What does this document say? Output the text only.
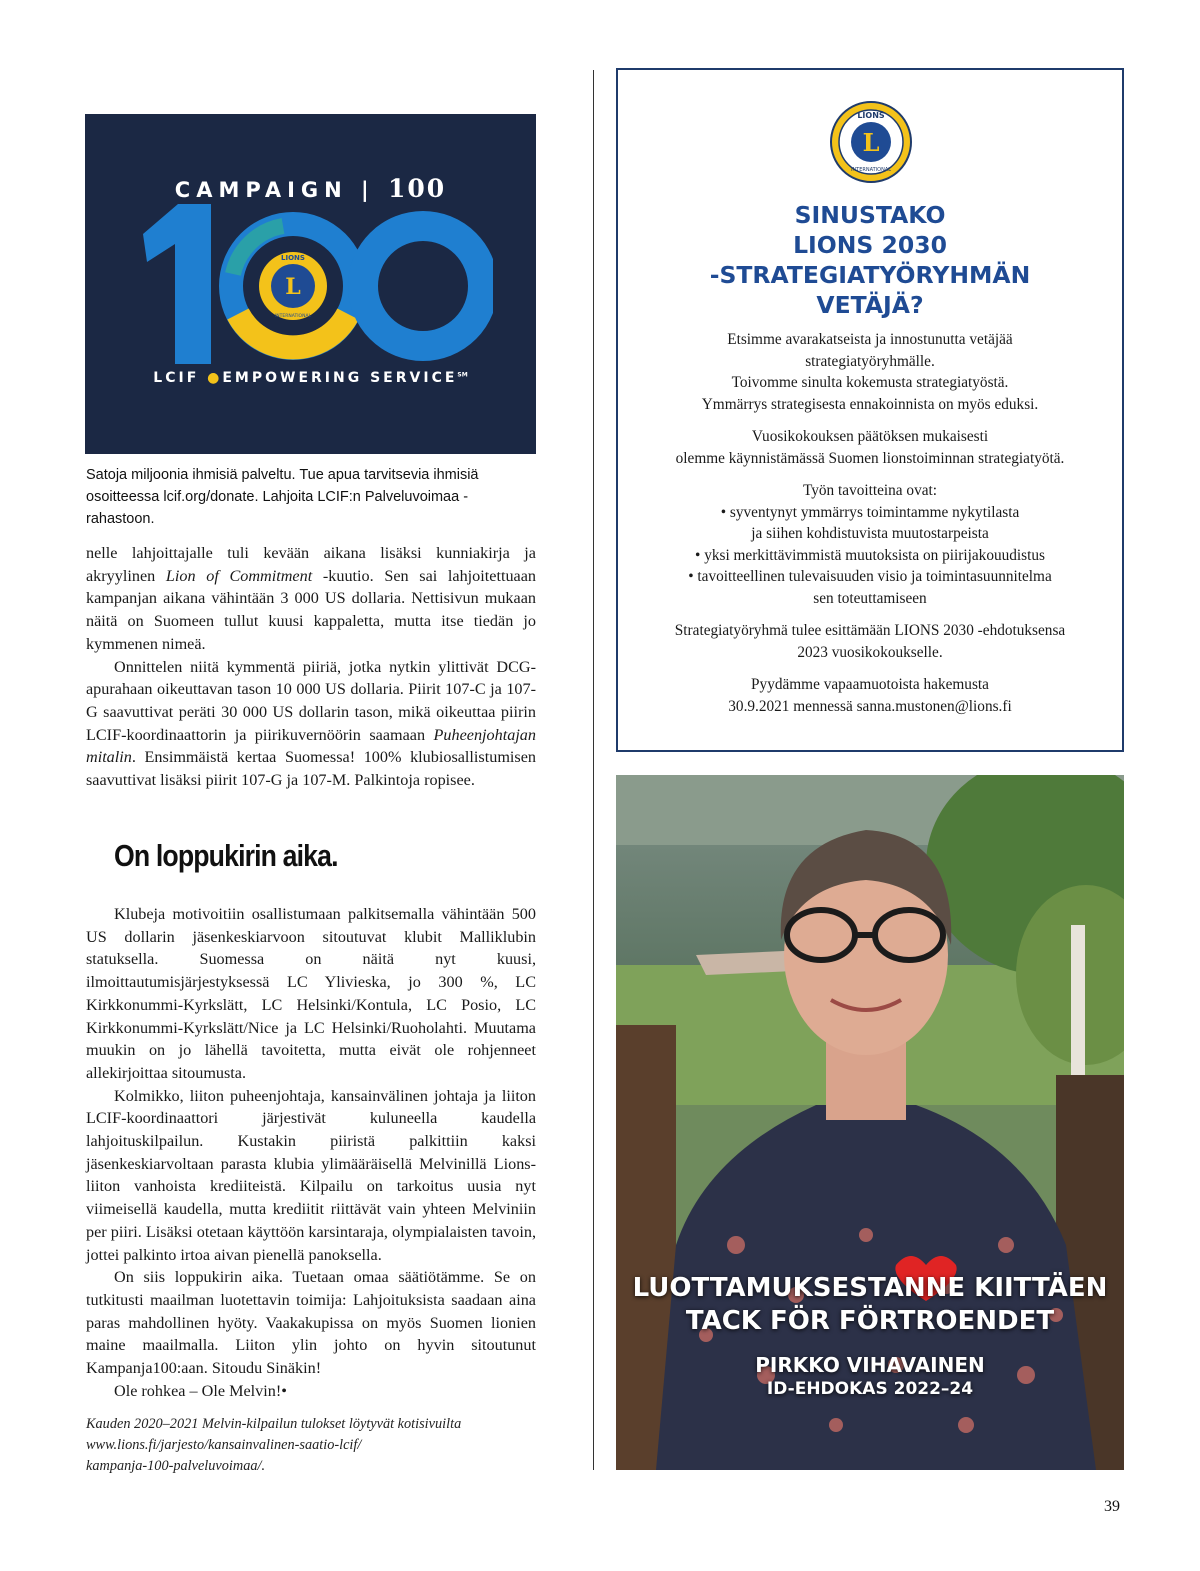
CAMPAIGN | 100
L
LIONS
INTERNATIONAL
LCIF ●EMPOWERING SERVICE℠
Satoja miljoonia ihmisiä palveltu. Tue apua tarvitsevia ihmisiä
osoitteessa lcif.org/donate. Lahjoita LCIF:n Palveluvoimaa -rahastoon.

nelle lahjoittajalle tuli kevään aikana lisäksi kunniakirja ja akryylinen Lion of Commitment -kuutio. Sen sai lahjoitettuaan kampanjan aikana vähintään 3 000 US dollaria. Nettisivun mukaan näitä on Suomeen tullut kuusi kappaletta, mutta itse tiedän jo kymmenen nimeä.

Onnittelen niitä kymmentä piiriä, jotka nytkin ylittivät DCG-apurahaan oikeuttavan tason 10 000 US dollaria. Piirit 107-C ja 107-G saavuttivat peräti 30 000 US dollarin tason, mikä oikeuttaa piirin LCIF-koordinaattorin ja piirikuvernöörin saamaan Puheenjohtajan mitalin. Ensimmäistä kertaa Suomessa! 100% klubiosallistumisen saavuttivat lisäksi piirit 107-G ja 107-M. Palkintoja ropisee.

On loppukirin aika.

Klubeja motivoitiin osallistumaan palkitsemalla vähintään 500 US dollarin jäsenkeskiarvoon sitoutuvat klubit Malliklubin statuksella. Suomessa on näitä nyt kuusi, ilmoittautumisjärjestyksessä LC Ylivieska, jo 300 %, LC Kirkkonummi-Kyrkslätt, LC Helsinki/Kontula, LC Posio, LC Kirkkonummi-Kyrkslätt/Nice ja LC Helsinki/Ruoholahti. Muutama muukin on jo lähellä tavoitetta, mutta eivät ole rohjenneet allekirjoittaa sitoumusta.

Kolmikko, liiton puheenjohtaja, kansainvälinen johtaja ja liiton LCIF-koordinaattori järjestivät kuluneella kaudella lahjoituskilpailun. Kustakin piiristä palkittiin kaksi jäsenkeskiarvoltaan parasta klubia ylimääräisellä Melvinillä Lions-liiton vanhoista krediiteistä. Kilpailu on tarkoitus uusia nyt viimeisellä kaudella, mutta krediitit riittävät vain yhteen Melviniin per piiri. Lisäksi otetaan käyttöön karsintaraja, olympialaisten tavoin, jottei palkinto irtoa aivan pienellä panoksella.

On siis loppukirin aika. Tuetaan omaa säätiötämme. Se on tutkitusti maailman luotettavin toimija: Lahjoituksista saadaan aina paras mahdollinen hyöty. Vaakakupissa on myös Suomen lionien maine maailmalla. Liiton ylin johto on hyvin sitoutunut Kampanja100:aan. Sitoudu Sinäkin!

Ole rohkea – Ole Melvin!•

Kauden 2020–2021 Melvin-kilpailun tulokset löytyvät kotisivuilta
www.lions.fi/jarjesto/kansainvalinen-saatio-lcif/
kampanja-100-palveluvoimaa/.
L
LIONS
INTERNATIONAL
SINUSTAKO
LIONS 2030
-STRATEGIATYÖRYHMÄN
VETÄJÄ?

Etsimme avarakatseista ja innostunutta vetäjää
strategiatyöryhmälle.
Toivomme sinulta kokemusta strategiatyöstä.
Ymmärrys strategisesta ennakoinnista on myös eduksi.

Vuosikokouksen päätöksen mukaisesti
olemme käynnistämässä Suomen lionstoiminnan strategiatyötä.

Työn tavoitteina ovat:
• syventynyt ymmärrys toimintamme nykytilasta
ja siihen kohdistuvista muutostarpeista
• yksi merkittävimmistä muutoksista on piirijakouudistus
• tavoitteellinen tulevaisuuden visio ja toimintasuunnitelma
sen toteuttamiseen

Strategiatyöryhmä tulee esittämään LIONS 2030 -ehdotuksensa
2023 vuosikokoukselle.

Pyydämme vapaamuotoista hakemusta
30.9.2021 mennessä sanna.mustonen@lions.fi

LUOTTAMUKSESTANNE KIITTÄEN
TACK FÖR FÖRTROENDET
PIRKKO VIHAVAINEN
ID-EHDOKAS 2022–24
39
